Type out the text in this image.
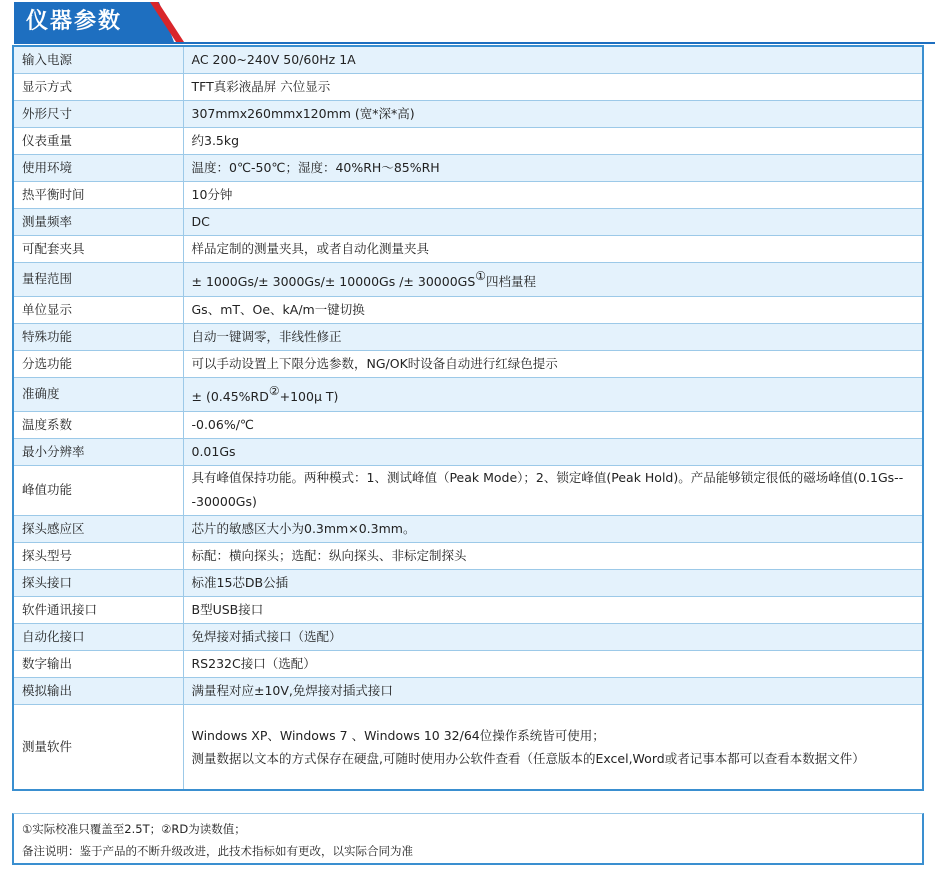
仪器参数
输入电源	AC 200~240V 50/60Hz 1A
显示方式	TFT真彩液晶屏 六位显示
外形尺寸	307mmx260mmx120mm (宽*深*高)
仪表重量	约3.5kg
使用环境	温度：0℃-50℃；湿度：40%RH～85%RH
热平衡时间	10分钟
测量频率	DC
可配套夹具	样品定制的测量夹具，或者自动化测量夹具
量程范围	± 1000Gs/± 3000Gs/± 10000Gs /± 30000GS①四档量程
单位显示	Gs、mT、Oe、kA/m一键切换
特殊功能	自动一键调零，非线性修正
分选功能	可以手动设置上下限分选参数，NG/OK时设备自动进行红绿色提示
准确度	± (0.45%RD②+100μ T)
温度系数	-0.06%/℃
最小分辨率	0.01Gs
峰值功能	具有峰值保持功能。两种模式：1、测试峰值（Peak Mode）；2、锁定峰值(Peak Hold)。产品能够锁定很低的磁场峰值(0.1Gs---30000Gs)
探头感应区	芯片的敏感区大小为0.3mm×0.3mm。
探头型号	标配：横向探头；选配：纵向探头、非标定制探头
探头接口	标准15芯DB公插
软件通讯接口	B型USB接口
自动化接口	免焊接对插式接口（选配）
数字输出	RS232C接口（选配）
模拟输出	满量程对应±10V,免焊接对插式接口
测量软件	Windows XP、Windows 7 、Windows 10 32/64位操作系统皆可使用；
测量数据以文本的方式保存在硬盘,可随时使用办公软件查看（任意版本的Excel,Word或者记事本都可以查看本数据文件）
①实际校准只覆盖至2.5T；②RD为读数值；
备注说明：鉴于产品的不断升级改进，此技术指标如有更改，以实际合同为准
